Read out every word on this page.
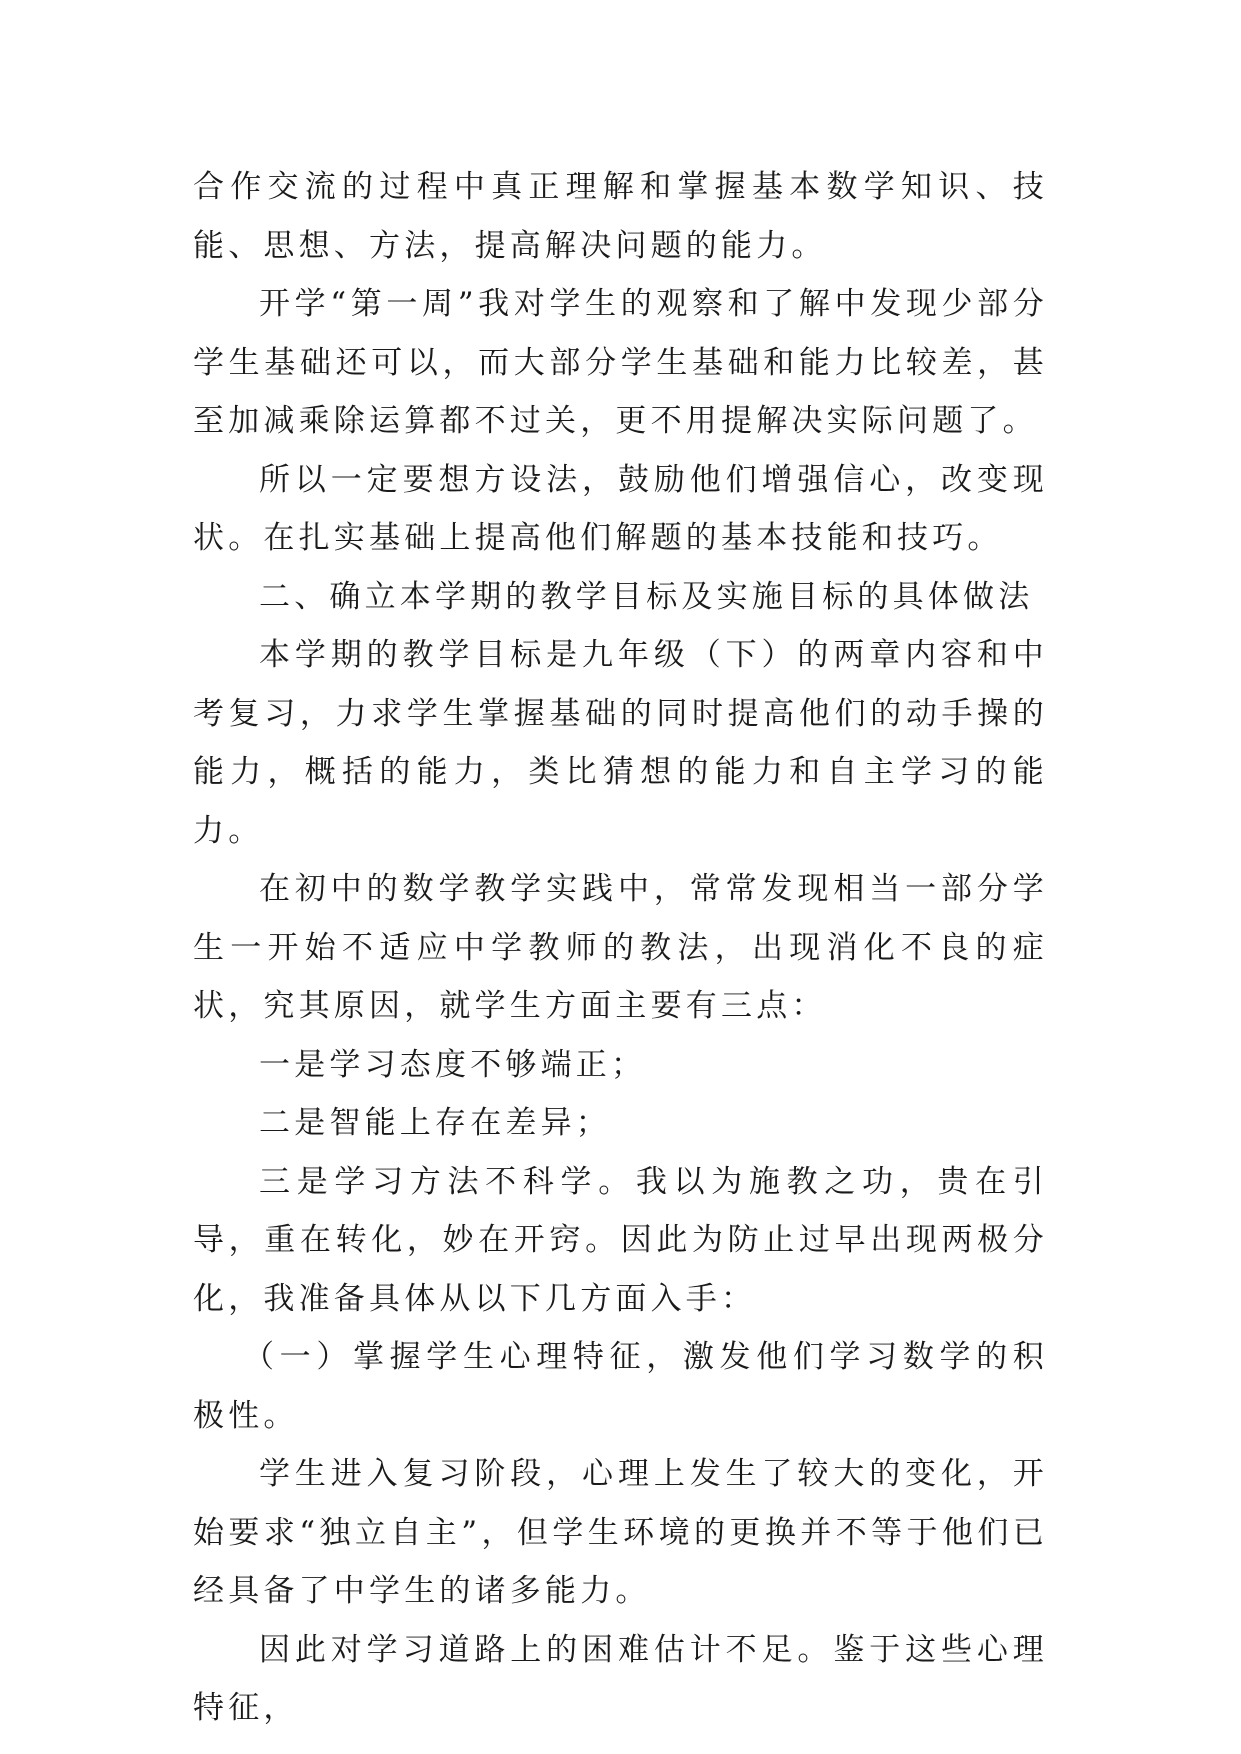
合作交流的过程中真正理解和掌握基本数学知识、技能、思想、方法，提高解决问题的能力。

开学“第一周”我对学生的观察和了解中发现少部分学生基础还可以，而大部分学生基础和能力比较差，甚至加减乘除运算都不过关，更不用提解决实际问题了。

所以一定要想方设法，鼓励他们增强信心，改变现状。在扎实基础上提高他们解题的基本技能和技巧。

二、确立本学期的教学目标及实施目标的具体做法

本学期的教学目标是九年级（下）的两章内容和中考复习，力求学生掌握基础的同时提高他们的动手操的能力，概括的能力，类比猜想的能力和自主学习的能力。

在初中的数学教学实践中，常常发现相当一部分学生一开始不适应中学教师的教法，出现消化不良的症状，究其原因，就学生方面主要有三点：

一是学习态度不够端正；

二是智能上存在差异；

三是学习方法不科学。我以为施教之功，贵在引导，重在转化，妙在开窍。因此为防止过早出现两极分化，我准备具体从以下几方面入手：

（一）掌握学生心理特征，激发他们学习数学的积极性。

学生进入复习阶段，心理上发生了较大的变化，开始要求“独立自主”，但学生环境的更换并不等于他们已经具备了中学生的诸多能力。

因此对学习道路上的困难估计不足。鉴于这些心理特征，
